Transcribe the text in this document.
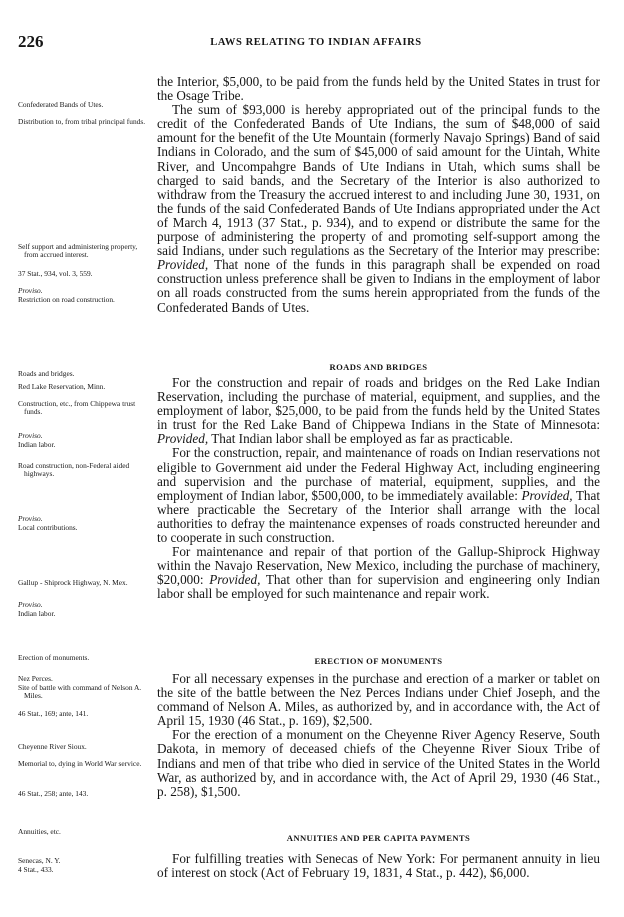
226	LAWS RELATING TO INDIAN AFFAIRS
Confederated Bands of Utes.
Distribution to, from tribal principal funds.
Self support and administering property, from accrued interest.
37 Stat., 934, vol. 3, 559.
Proviso.
Restriction on road construction.
Roads and bridges.
Red Lake Reservation, Minn.
Construction, etc., from Chippewa trust funds.
Proviso.
Indian labor.
Road construction, non-Federal aided highways.
Proviso.
Local contributions.
Gallup - Shiprock Highway, N. Mex.
Proviso.
Indian labor.
Erection of monuments.
Nez Perces.
Site of battle with command of Nelson A. Miles.
46 Stat., 169; ante, 141.
Cheyenne River Sioux.
Memorial to, dying in World War service.
46 Stat., 258; ante, 143.
Annuities, etc.
Senecas, N. Y.
4 Stat., 433.

the Interior, $5,000, to be paid from the funds held by the United States in trust for the Osage Tribe.

The sum of $93,000 is hereby appropriated out of the principal funds to the credit of the Confederated Bands of Ute Indians, the sum of $48,000 of said amount for the benefit of the Ute Mountain (formerly Navajo Springs) Band of said Indians in Colorado, and the sum of $45,000 of said amount for the Uintah, White River, and Uncompahgre Bands of Ute Indians in Utah, which sums shall be charged to said bands, and the Secretary of the Interior is also authorized to withdraw from the Treasury the accrued interest to and including June 30, 1931, on the funds of the said Confederated Bands of Ute Indians appropriated under the Act of March 4, 1913 (37 Stat., p. 934), and to expend or distribute the same for the purpose of administering the property of and promoting self-support among the said Indians, under such regulations as the Secretary of the Interior may prescribe: Provided, That none of the funds in this paragraph shall be expended on road construction unless preference shall be given to Indians in the employment of labor on all roads constructed from the sums herein appropriated from the funds of the Confederated Bands of Utes.

ROADS AND BRIDGES

For the construction and repair of roads and bridges on the Red Lake Indian Reservation, including the purchase of material, equipment, and supplies, and the employment of labor, $25,000, to be paid from the funds held by the United States in trust for the Red Lake Band of Chippewa Indians in the State of Minnesota: Provided, That Indian labor shall be employed as far as practicable.

For the construction, repair, and maintenance of roads on Indian reservations not eligible to Government aid under the Federal Highway Act, including engineering and supervision and the purchase of material, equipment, supplies, and the employment of Indian labor, $500,000, to be immediately available: Provided, That where practicable the Secretary of the Interior shall arrange with the local authorities to defray the maintenance expenses of roads constructed hereunder and to cooperate in such construction.

For maintenance and repair of that portion of the Gallup-Shiprock Highway within the Navajo Reservation, New Mexico, including the purchase of machinery, $20,000: Provided, That other than for supervision and engineering only Indian labor shall be employed for such maintenance and repair work.

ERECTION OF MONUMENTS

For all necessary expenses in the purchase and erection of a marker or tablet on the site of the battle between the Nez Perces Indians under Chief Joseph, and the command of Nelson A. Miles, as authorized by, and in accordance with, the Act of April 15, 1930 (46 Stat., p. 169), $2,500.

For the erection of a monument on the Cheyenne River Agency Reserve, South Dakota, in memory of deceased chiefs of the Cheyenne River Sioux Tribe of Indians and men of that tribe who died in service of the United States in the World War, as authorized by, and in accordance with, the Act of April 29, 1930 (46 Stat., p. 258), $1,500.

ANNUITIES AND PER CAPITA PAYMENTS

For fulfilling treaties with Senecas of New York: For permanent annuity in lieu of interest on stock (Act of February 19, 1831, 4 Stat., p. 442), $6,000.
